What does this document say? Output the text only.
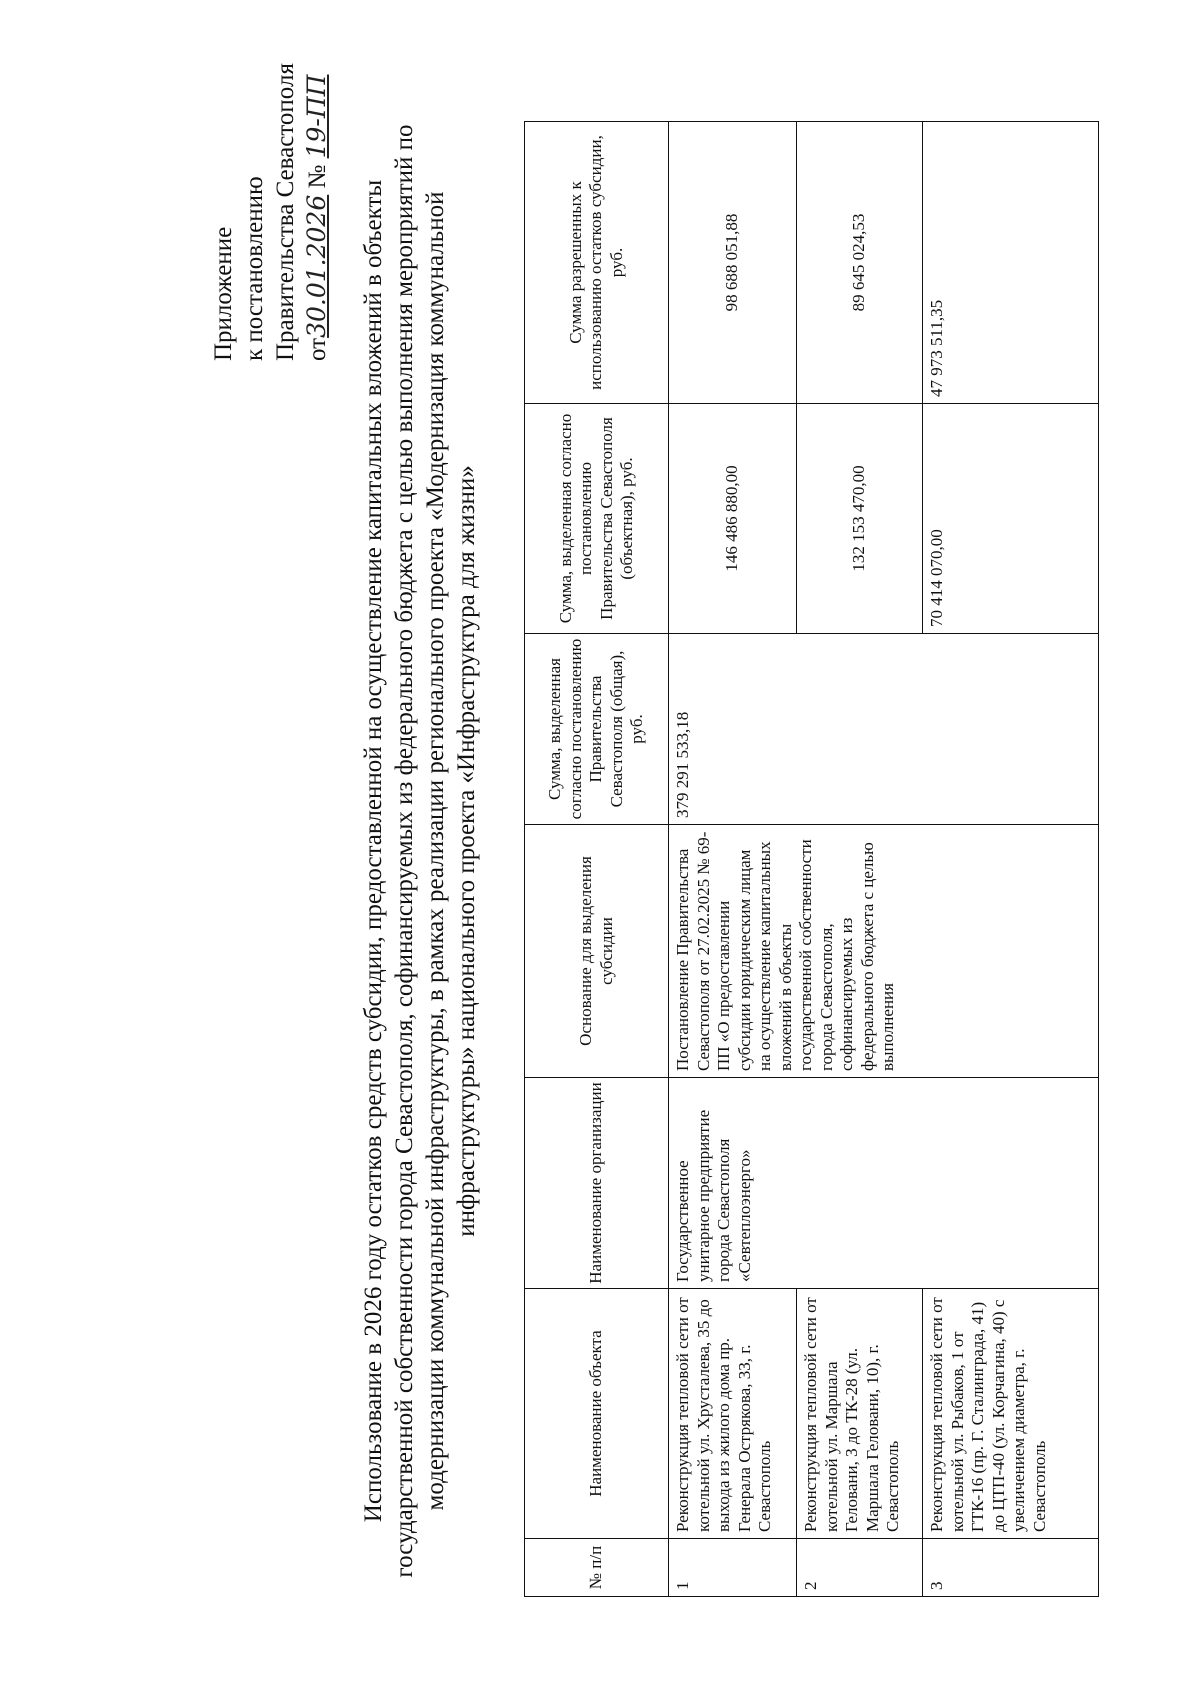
Приложение к постановлению Правительства Севастополя от30.01.2026 № 19-ПП
Использование в 2026 году остатков средств субсидии, предоставленной на осуществление капитальных вложений в объекты государственной собственности города Севастополя, софинансируемых из федерального бюджета с целью выполнения мероприятий по модернизации коммунальной инфраструктуры, в рамках реализации регионального проекта «Модернизация коммунальной инфраструктуры» национального проекта «Инфраструктура для жизни»
№ п/п	Наименование объекта	Наименование организации	Основание для выделения субсидии	Сумма, выделенная согласно постановлению Правительства Севастополя (общая), руб.	Сумма, выделенная согласно постановлению Правительства Севастополя (объектная), руб.	Сумма разрешенных к использованию остатков субсидии, руб.
1	Реконструкция тепловой сети от котельной ул. Хрусталева, 35 до выхода из жилого дома пр. Генерала Острякова, 33, г. Севастополь	Государственное унитарное предприятие города Севастополя «Севтеплоэнерго»	Постановление Правительства Севастополя от 27.02.2025 № 69-ПП «О предоставлении субсидии юридическим лицам на осуществление капитальных вложений в объекты государственной собственности города Севастополя, софинансируемых из федерального бюджета с целью выполнения	379 291 533,18	146 486 880,00	98 688 051,88
2	Реконструкция тепловой сети от котельной ул. Маршала Геловани, 3 до ТК-28 (ул. Маршала Геловани, 10), г. Севастополь				132 153 470,00	89 645 024,53
3	Реконструкция тепловой сети от котельной ул. Рыбаков, 1 от ГТК-16 (пр. Г. Сталинграда, 41) до ЦТП-40 (ул. Корчагина, 40) с увеличением диаметра, г. Севастополь				70 414 070,00	47 973 511,35
